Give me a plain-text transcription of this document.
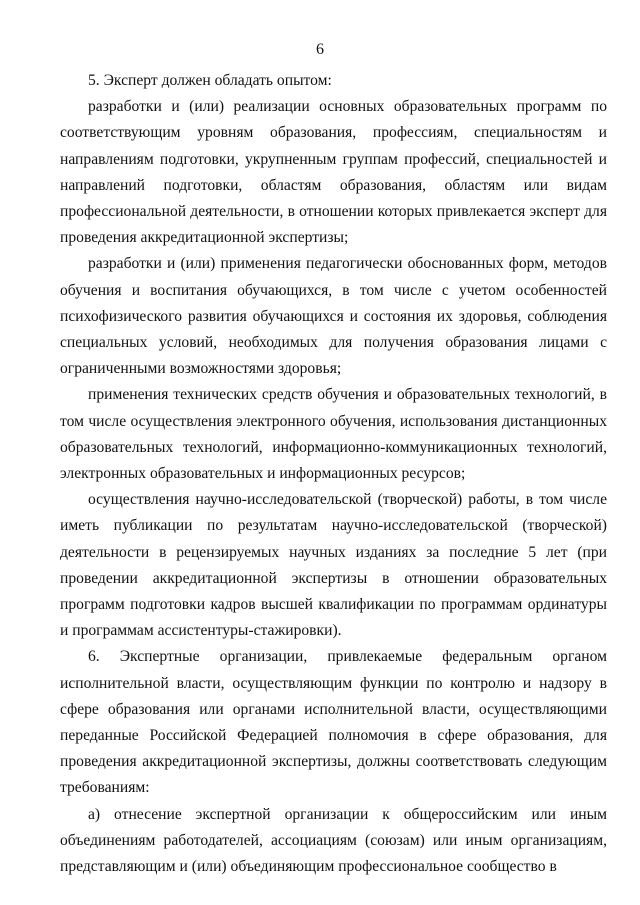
6

5. Эксперт должен обладать опытом:

разработки и (или) реализации основных образовательных программ по соответствующим уровням образования, профессиям, специальностям и направлениям подготовки, укрупненным группам профессий, специальностей и направлений подготовки, областям образования, областям или видам профессиональной деятельности, в отношении которых привлекается эксперт для проведения аккредитационной экспертизы;

разработки и (или) применения педагогически обоснованных форм, методов обучения и воспитания обучающихся, в том числе с учетом особенностей психофизического развития обучающихся и состояния их здоровья, соблюдения специальных условий, необходимых для получения образования лицами с ограниченными возможностями здоровья;

применения технических средств обучения и образовательных технологий, в том числе осуществления электронного обучения, использования дистанционных образовательных технологий, информационно-коммуникационных технологий, электронных образовательных и информационных ресурсов;

осуществления научно-исследовательской (творческой) работы, в том числе иметь публикации по результатам научно-исследовательской (творческой) деятельности в рецензируемых научных изданиях за последние 5 лет (при проведении аккредитационной экспертизы в отношении образовательных программ подготовки кадров высшей квалификации по программам ординатуры и программам ассистентуры-стажировки).

6. Экспертные организации, привлекаемые федеральным органом исполнительной власти, осуществляющим функции по контролю и надзору в сфере образования или органами исполнительной власти, осуществляющими переданные Российской Федерацией полномочия в сфере образования, для проведения аккредитационной экспертизы, должны соответствовать следующим требованиям:

а) отнесение экспертной организации к общероссийским или иным объединениям работодателей, ассоциациям (союзам) или иным организациям, представляющим и (или) объединяющим профессиональное сообщество в
